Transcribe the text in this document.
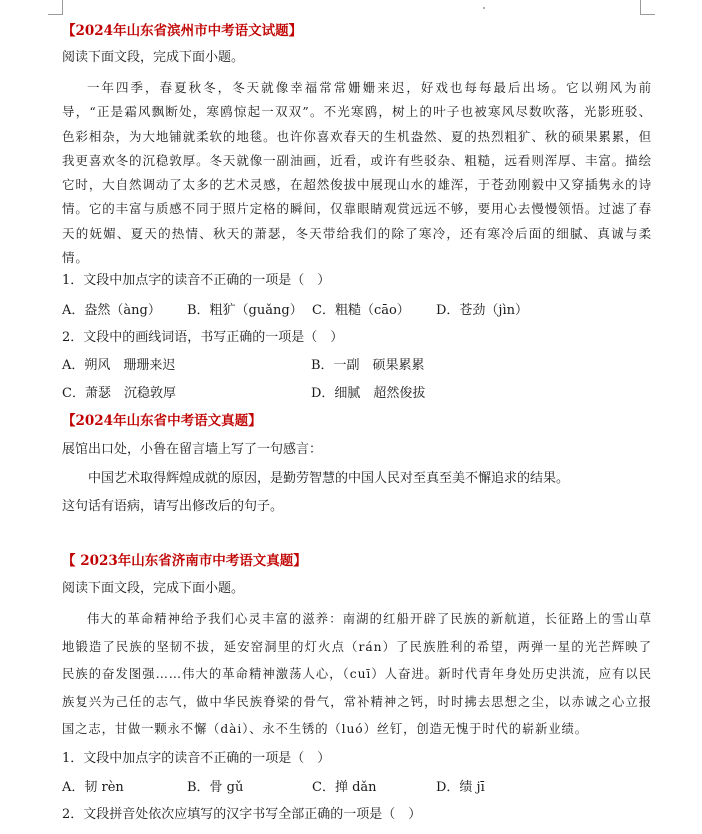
【2024年山东省滨州市中考语文试题】
阅读下面文段，完成下面小题。
一年四季，春夏秋冬，冬天就像幸福常常姗姗来迟，好戏也每每最后出场。它以朔风为前导，“正是霜风飘断处，寒鸥惊起一双双”。不光寒鸥，树上的叶子也被寒风尽数吹落，光影班驳、色彩相杂，为大地铺就柔软的地毯。也许你喜欢春天的生机盎然、夏的热烈粗犷、秋的硕果累累，但我更喜欢冬的沉稳敦厚。冬天就像一副油画，近看，或许有些驳杂、粗糙，远看则浑厚、丰富。描绘它时，大自然调动了太多的艺术灵感，在超然俊拔中展现山水的雄浑，于苍劲刚毅中又穿插隽永的诗情。它的丰富与质感不同于照片定格的瞬间，仅靠眼睛观赏远远不够，要用心去慢慢领悟。过滤了春天的妩媚、夏天的热情、秋天的萧瑟，冬天带给我们的除了寒冷，还有寒冷后面的细腻、真诚与柔情。
1．文段中加点字的读音不正确的一项是（　）
A．盎然（àng） B．粗犷（guǎng） C．粗糙（cāo） D．苍劲（jìn）
2．文段中的画线词语，书写正确的一项是（　）
A．朔风　珊珊来迟	B．一副　硕果累累
C．萧瑟　沉稳敦厚	D．细腻　超然俊拔
【2024年山东省中考语文真题】
展馆出口处，小鲁在留言墙上写了一句感言：
中国艺术取得辉煌成就的原因，是勤劳智慧的中国人民对至真至美不懈追求的结果。
这句话有语病，请写出修改后的句子。
【 2023年山东省济南市中考语文真题】
阅读下面文段，完成下面小题。
伟大的革命精神给予我们心灵丰富的滋养：南湖的红船开辟了民族的新航道，长征路上的雪山草地锻造了民族的坚韧不拔，延安窑洞里的灯火点（rán）了民族胜利的希望，两弹一星的光芒辉映了民族的奋发图强……伟大的革命精神激荡人心，（cuī）人奋进。新时代青年身处历史洪流，应有以民族复兴为己任的志气，做中华民族脊梁的骨气，常补精神之钙，时时拂去思想之尘，以赤诚之心立报国之志，甘做一颗永不懈（dài）、永不生锈的（luó）丝钉，创造无愧于时代的崭新业绩。
1．文段中加点字的读音不正确的一项是（　）
A．韧 rèn	B．骨 gǔ	C．掸 dǎn	D．绩 jī
2．文段拼音处依次应填写的汉字书写全部正确的一项是（　）
